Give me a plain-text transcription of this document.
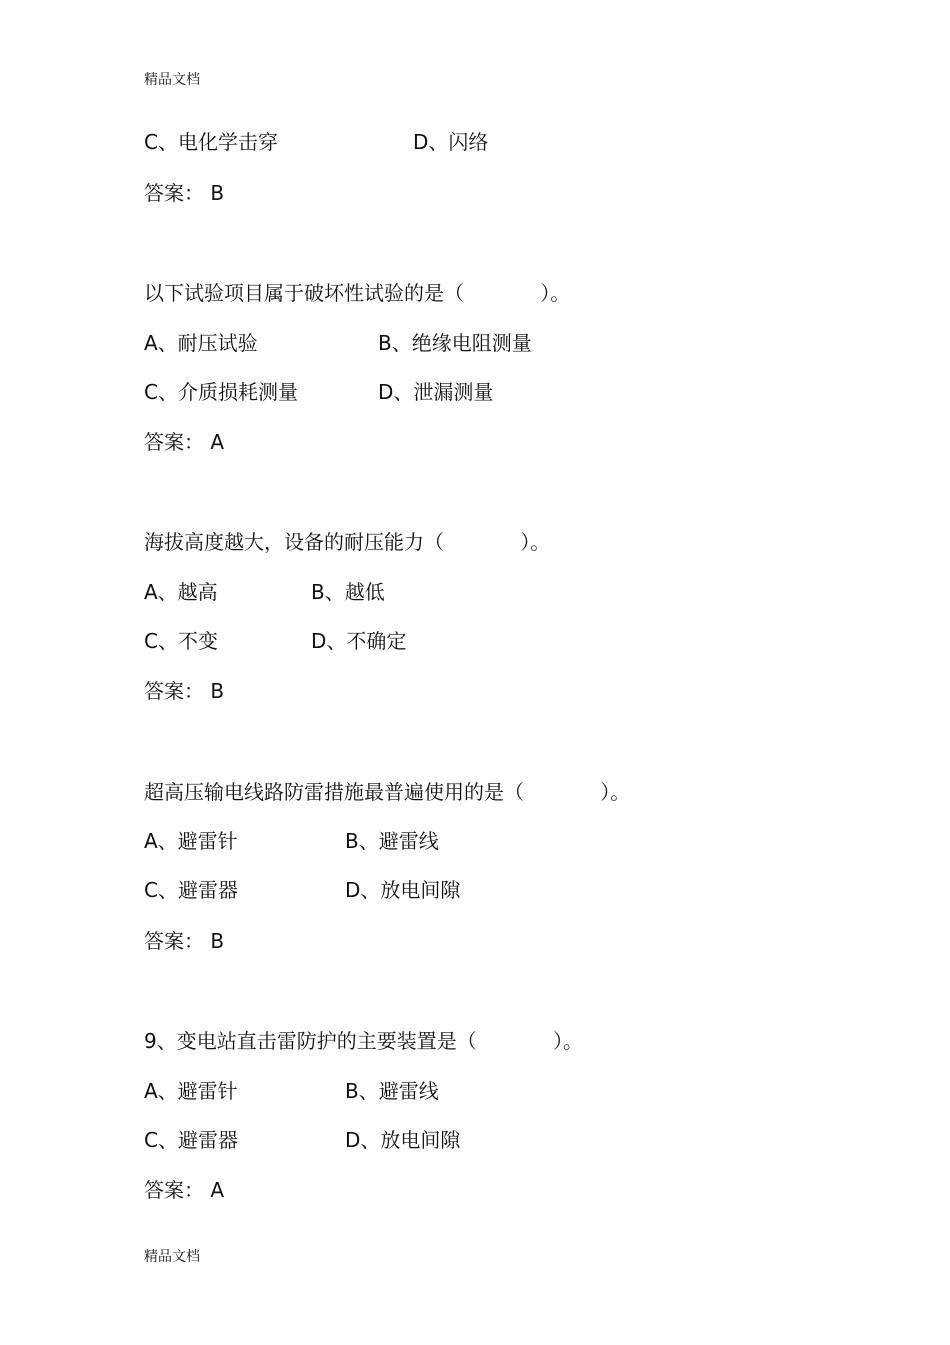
精品文档
C、电化学击穿	D、闪络
答案： B
以下试验项目属于破坏性试验的是（            ）。
A、耐压试验	B、绝缘电阻测量
C、介质损耗测量	D、泄漏测量
答案： A
海拔高度越大，设备的耐压能力（            ）。
A、越高	B、越低
C、不变	D、不确定
答案： B
超高压输电线路防雷措施最普遍使用的是（            ）。
A、避雷针	B、避雷线
C、避雷器	D、放电间隙
答案： B
9、变电站直击雷防护的主要装置是（            ）。
A、避雷针	B、避雷线
C、避雷器	D、放电间隙
答案： A
精品文档
